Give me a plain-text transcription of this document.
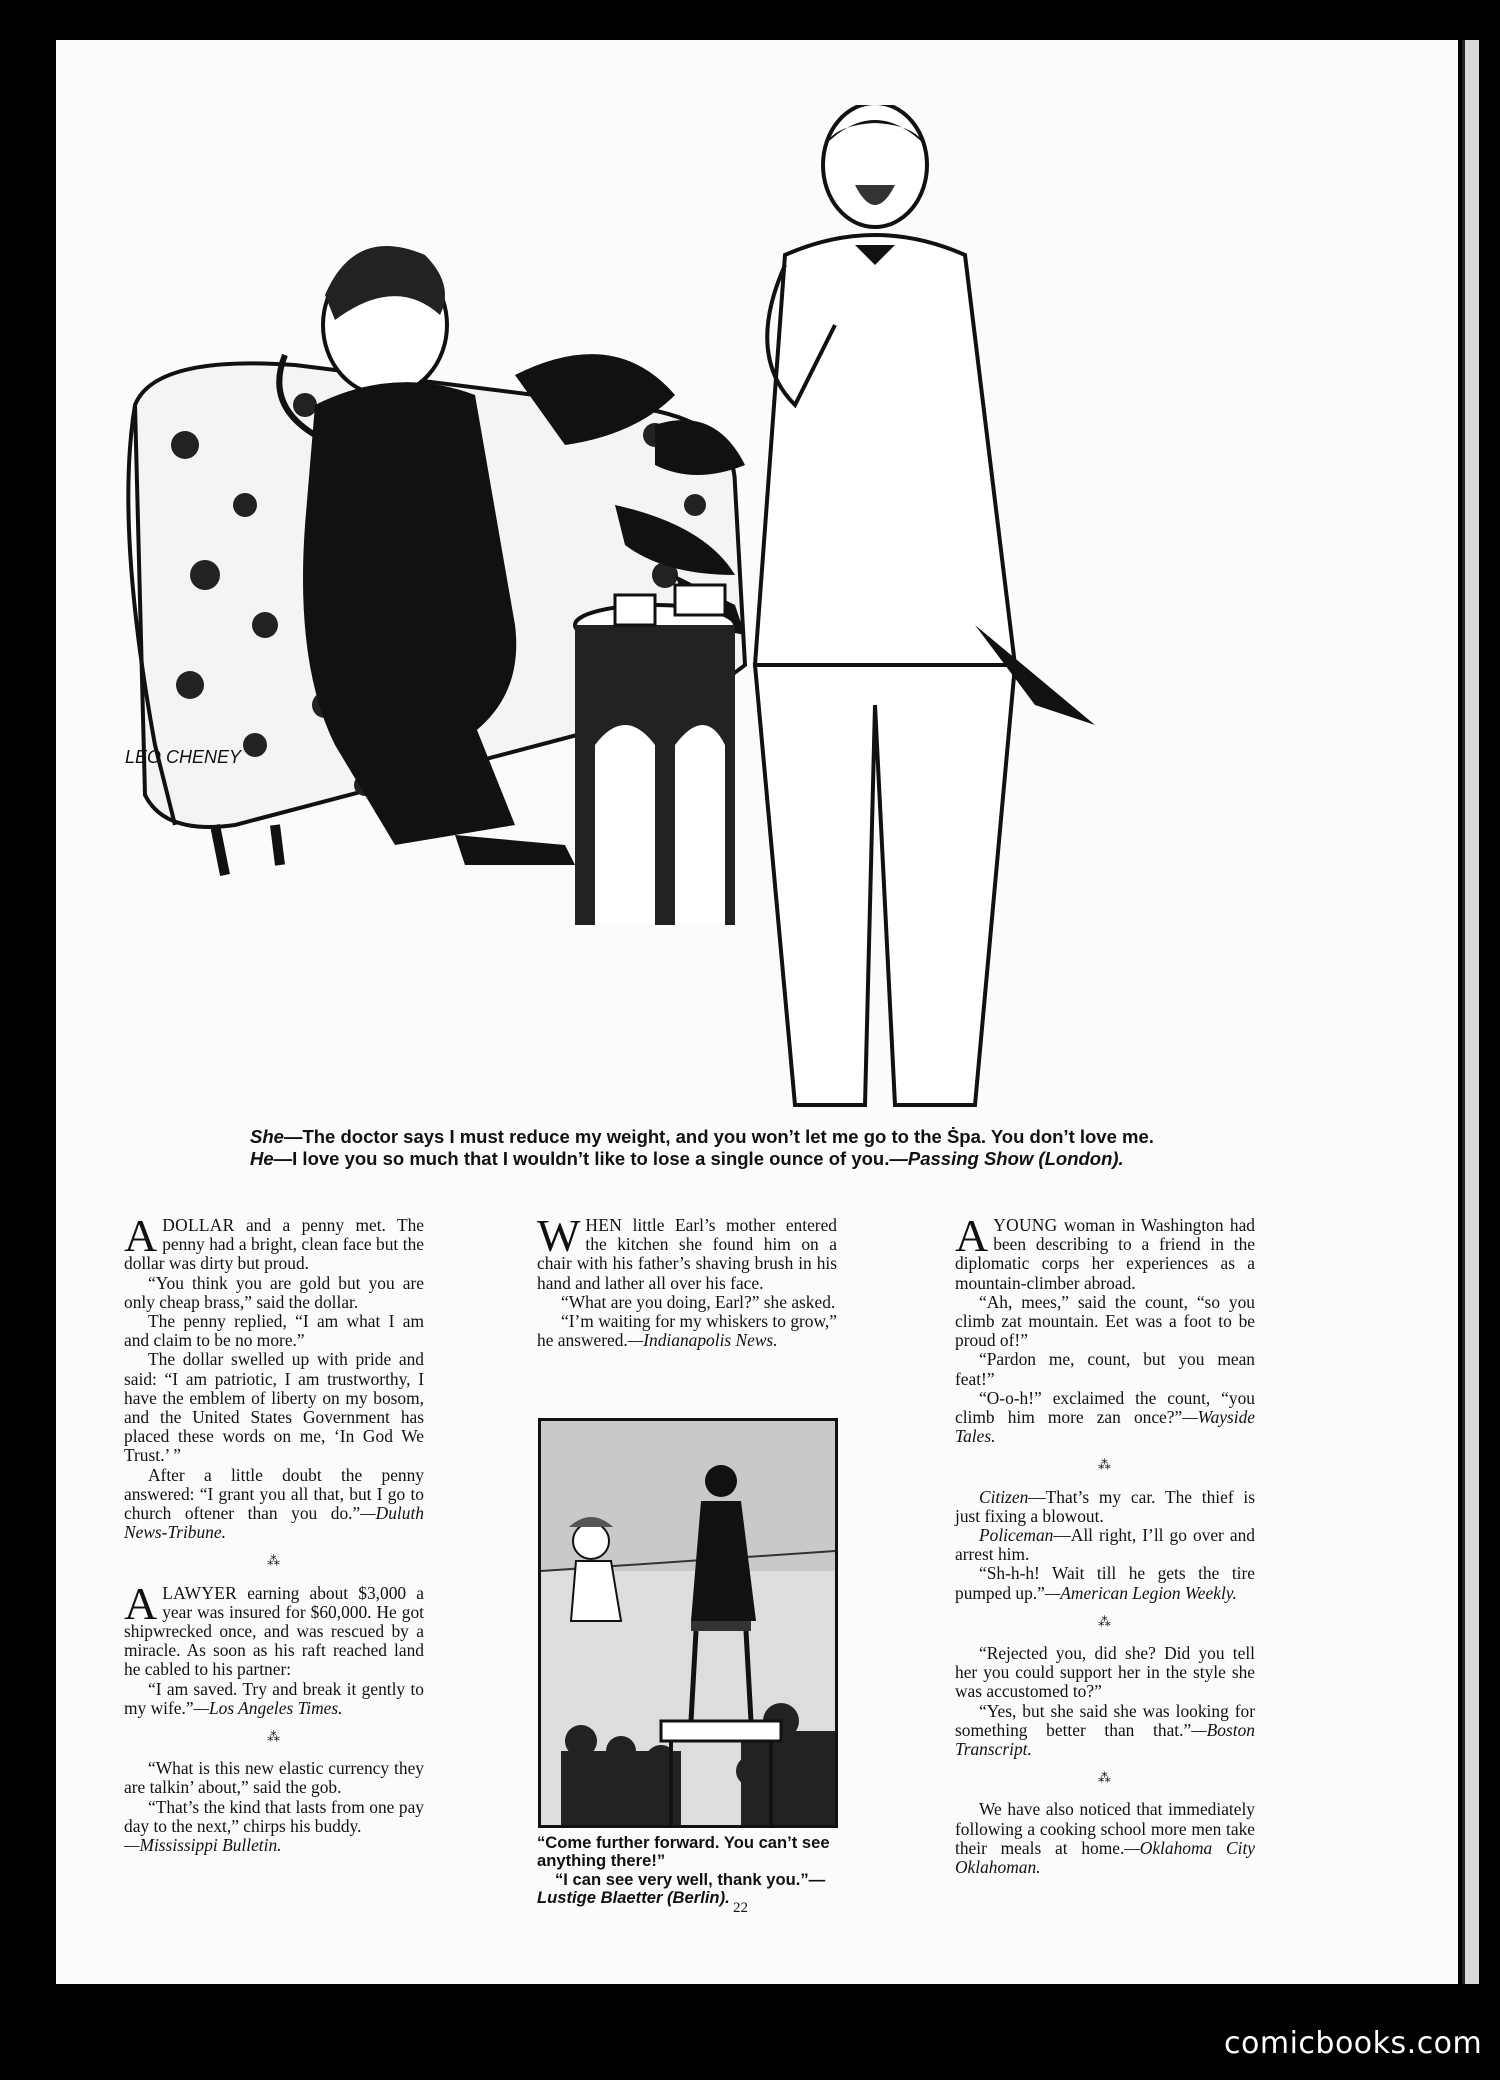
LEO CHENEY

She—The doctor says I must reduce my weight, and you won’t let me go to the Ṡpa. You don’t love me.

He—I love you so much that I wouldn’t like to lose a single ounce of you.—Passing Show (London).

ADOLLAR and a penny met. The penny had a bright, clean face but the dollar was dirty but proud.

“You think you are gold but you are only cheap brass,” said the dollar.

The penny replied, “I am what I am and claim to be no more.”

The dollar swelled up with pride and said: “I am patriotic, I am trustworthy, I have the emblem of liberty on my bosom, and the United States Government has placed these words on me, ‘In God We Trust.’ ”

After a little doubt the penny answered: “I grant you all that, but I go to church oftener than you do.”—Duluth News-Tribune.

⁂

ALAWYER earning about $3,000 a year was insured for $60,000. He got shipwrecked once, and was rescued by a miracle. As soon as his raft reached land he cabled to his partner:

“I am saved. Try and break it gently to my wife.”—Los Angeles Times.

⁂

“What is this new elastic currency they are talkin’ about,” said the gob.

“That’s the kind that lasts from one pay day to the next,” chirps his buddy.

—Mississippi Bulletin.

WHEN little Earl’s mother entered the kitchen she found him on a chair with his father’s shaving brush in his hand and lather all over his face.

“What are you doing, Earl?” she asked.

“I’m waiting for my whiskers to grow,” he answered.—Indianapolis News.

“Come further forward. You can’t see anything there!”

“I can see very well, thank you.”—Lustige Blaetter (Berlin).

AYOUNG woman in Washington had been describing to a friend in the diplomatic corps her experiences as a mountain-climber abroad.

“Ah, mees,” said the count, “so you climb zat mountain. Eet was a foot to be proud of!”

“Pardon me, count, but you mean feat!”

“O-o-h!” exclaimed the count, “you climb him more zan once?”—Wayside Tales.

⁂

Citizen—That’s my car. The thief is just fixing a blowout.

Policeman—All right, I’ll go over and arrest him.

“Sh-h-h! Wait till he gets the tire pumped up.”—American Legion Weekly.

⁂

“Rejected you, did she? Did you tell her you could support her in the style she was accustomed to?”

“Yes, but she said she was looking for something better than that.”—Boston Transcript.

⁂

We have also noticed that immediately following a cooking school more men take their meals at home.—Oklahoma City Oklahoman.

22
comicbooks.com
